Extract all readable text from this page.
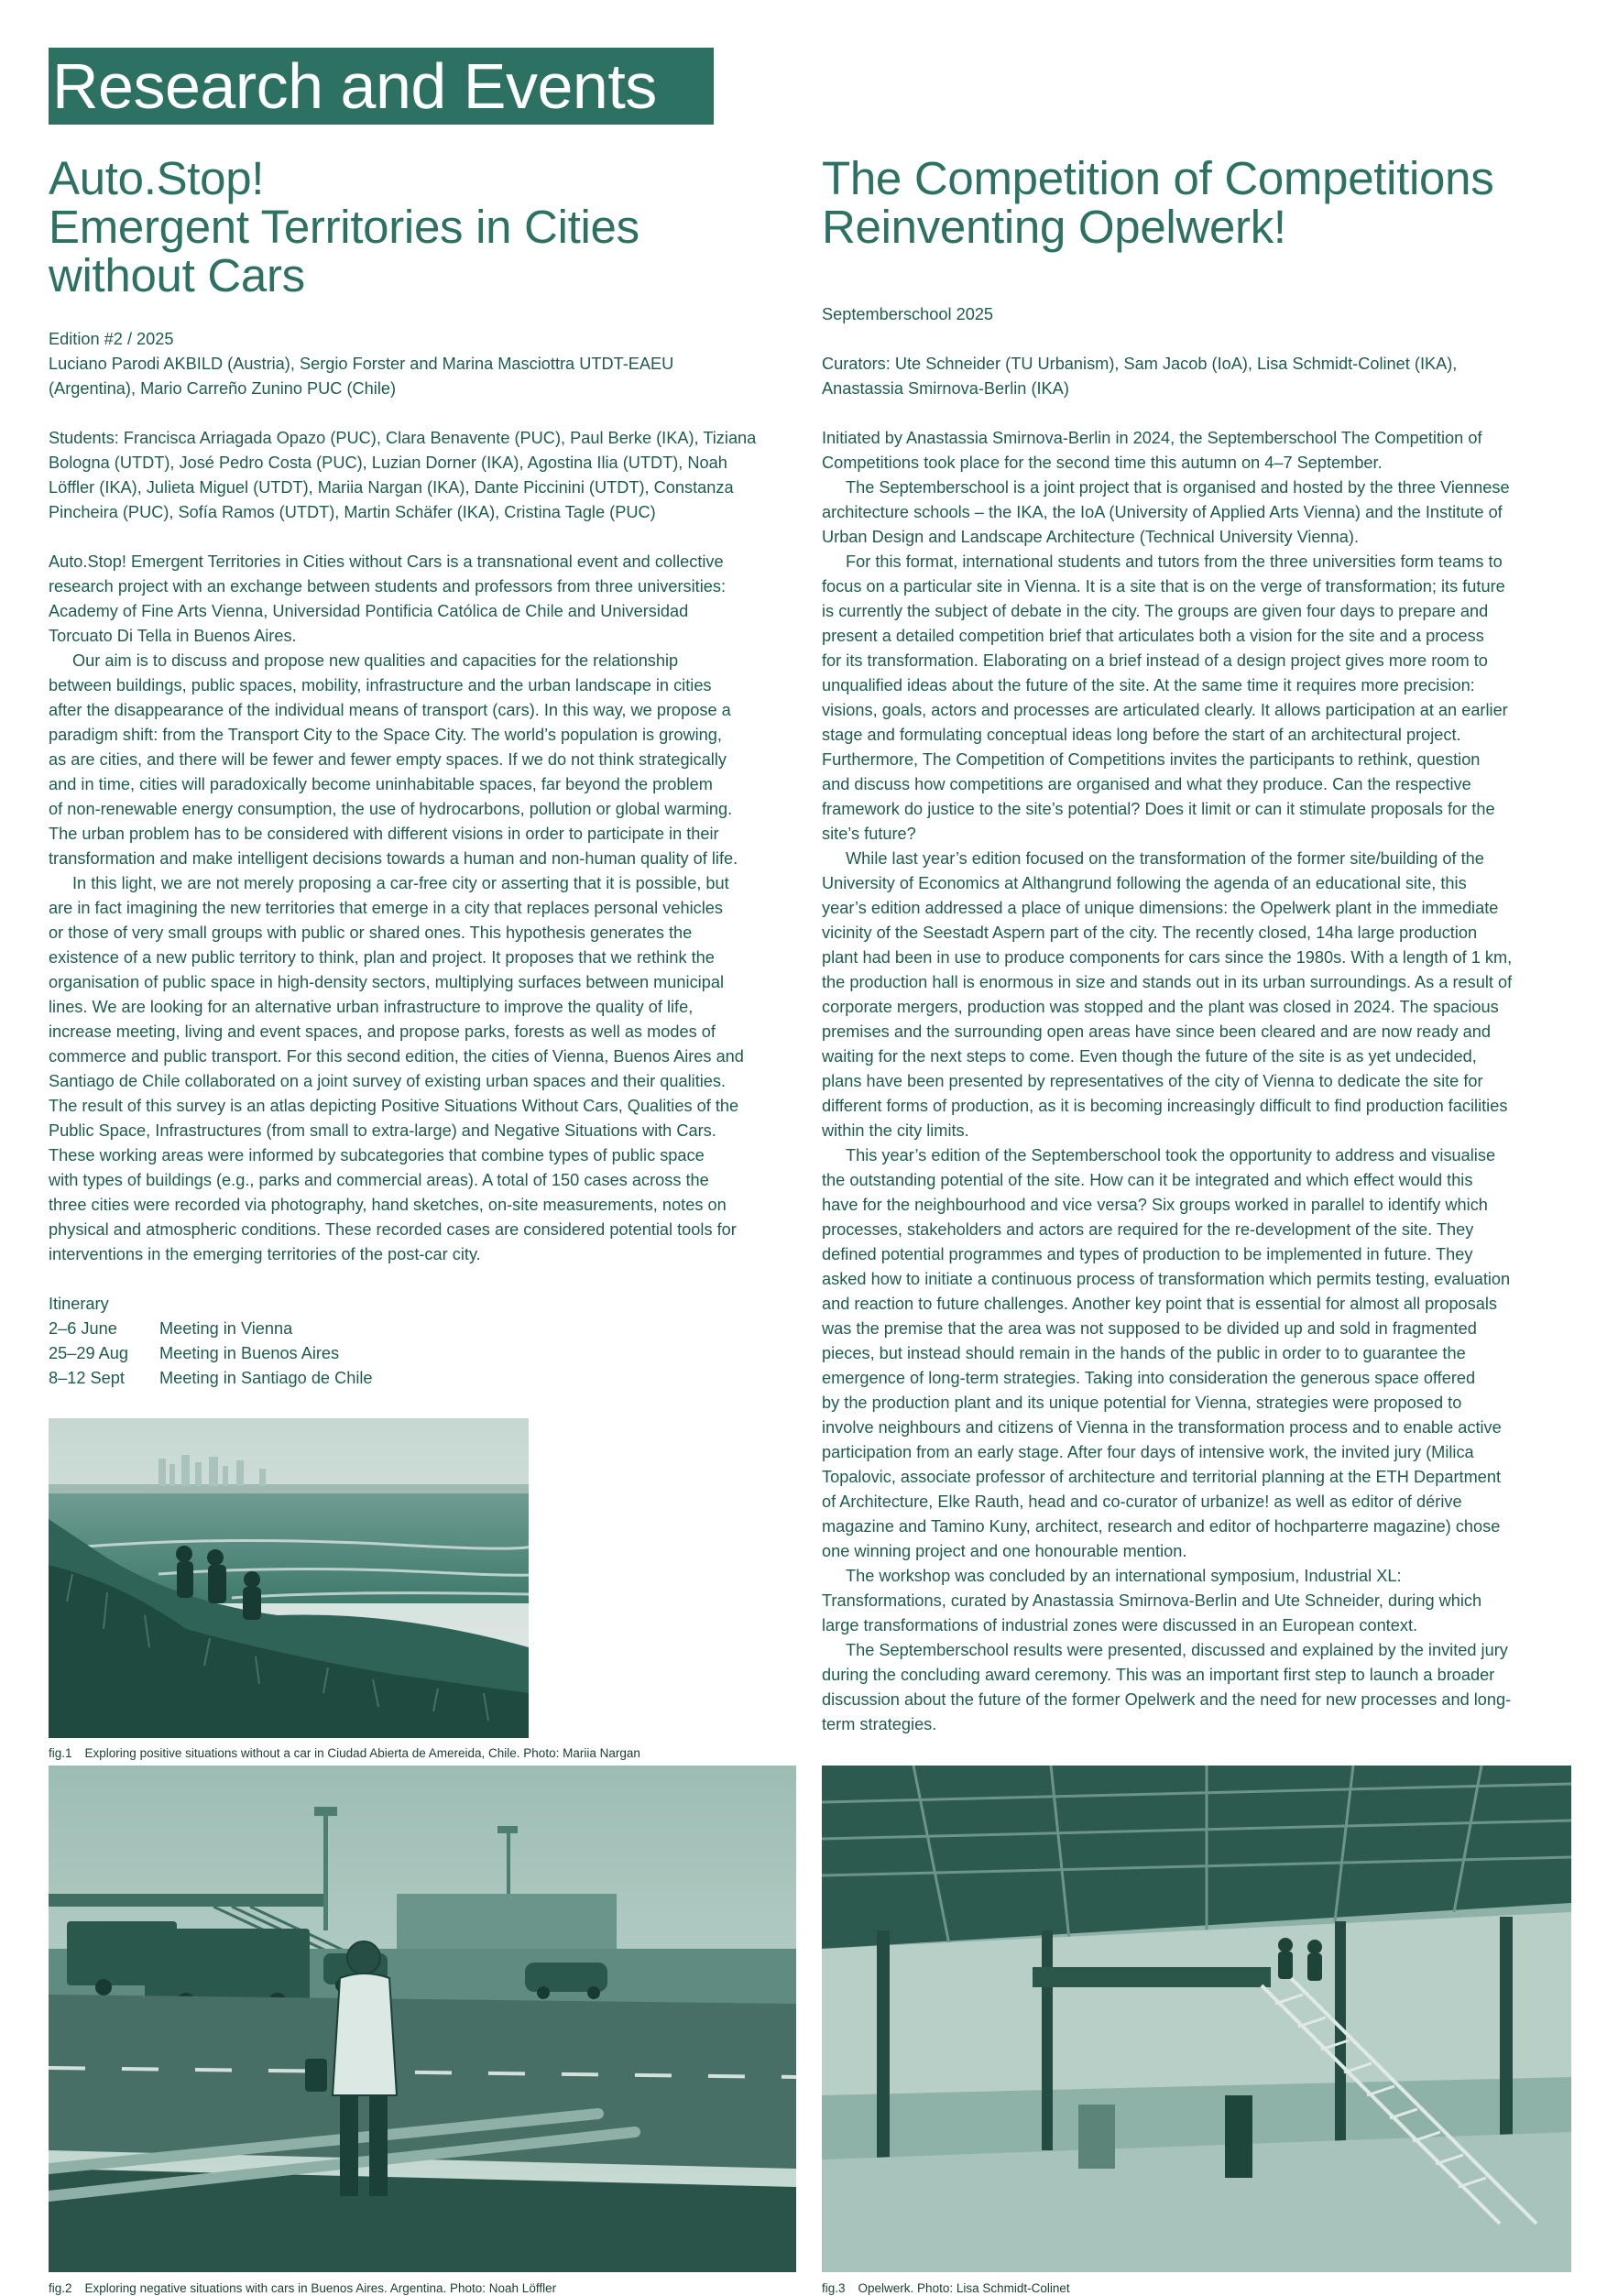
Research and Events
Auto.Stop!
Emergent Territories in Cities
without Cars

Edition #2 / 2025

Luciano Parodi AKBILD (Austria), Sergio Forster and Marina Masciottra UTDT-EAEU

(Argentina), Mario Carreño Zunino PUC (Chile)

Students: Francisca Arriagada Opazo (PUC), Clara Benavente (PUC), Paul Berke (IKA), Tiziana

Bologna (UTDT), José Pedro Costa (PUC), Luzian Dorner (IKA), Agostina Ilia (UTDT), Noah

Löffler (IKA), Julieta Miguel (UTDT), Mariia Nargan (IKA), Dante Piccinini (UTDT), Constanza

Pincheira (PUC), Sofía Ramos (UTDT), Martin Schäfer (IKA), Cristina Tagle (PUC)

Auto.Stop! Emergent Territories in Cities without Cars is a transnational event and collective
research project with an exchange between students and professors from three universities:
Academy of Fine Arts Vienna, Universidad Pontificia Católica de Chile and Universidad
Torcuato Di Tella in Buenos Aires.

Our aim is to discuss and propose new qualities and capacities for the relationship
between buildings, public spaces, mobility, infrastructure and the urban landscape in cities
after the disappearance of the individual means of transport (cars). In this way, we propose a
paradigm shift: from the Transport City to the Space City. The world’s population is growing,
as are cities, and there will be fewer and fewer empty spaces. If we do not think strategically
and in time, cities will paradoxically become uninhabitable spaces, far beyond the problem
of non-renewable energy consumption, the use of hydrocarbons, pollution or global warming.
The urban problem has to be considered with different visions in order to participate in their
transformation and make intelligent decisions towards a human and non-human quality of life.

In this light, we are not merely proposing a car-free city or asserting that it is possible, but
are in fact imagining the new territories that emerge in a city that replaces personal vehicles
or those of very small groups with public or shared ones. This hypothesis generates the
existence of a new public territory to think, plan and project. It proposes that we rethink the
organisation of public space in high-density sectors, multiplying surfaces between municipal
lines. We are looking for an alternative urban infrastructure to improve the quality of life,
increase meeting, living and event spaces, and propose parks, forests as well as modes of
commerce and public transport. For this second edition, the cities of Vienna, Buenos Aires and
Santiago de Chile collaborated on a joint survey of existing urban spaces and their qualities.
The result of this survey is an atlas depicting Positive Situations Without Cars, Qualities of the
Public Space, Infrastructures (from small to extra-large) and Negative Situations with Cars.
These working areas were informed by subcategories that combine types of public space
with types of buildings (e.g., parks and commercial areas). A total of 150 cases across the
three cities were recorded via photography, hand sketches, on-site measurements, notes on
physical and atmospheric conditions. These recorded cases are considered potential tools for
interventions in the emerging territories of the post-car city.

Itinerary

2–6 June	Meeting in Vienna
25–29 Aug	Meeting in Buenos Aires
8–12 Sept	Meeting in Santiago de Chile
The Competition of Competitions
Reinventing Opelwerk!

Septemberschool 2025

Curators: Ute Schneider (TU Urbanism), Sam Jacob (IoA), Lisa Schmidt-Colinet (IKA),

Anastassia Smirnova-Berlin (IKA)

Initiated by Anastassia Smirnova-Berlin in 2024, the Septemberschool The Competition of
Competitions took place for the second time this autumn on 4–7 September.

The Septemberschool is a joint project that is organised and hosted by the three Viennese
architecture schools – the IKA, the IoA (University of Applied Arts Vienna) and the Institute of
Urban Design and Landscape Architecture (Technical University Vienna).

For this format, international students and tutors from the three universities form teams to
focus on a particular site in Vienna. It is a site that is on the verge of transformation; its future
is currently the subject of debate in the city. The groups are given four days to prepare and
present a detailed competition brief that articulates both a vision for the site and a process
for its transformation. Elaborating on a brief instead of a design project gives more room to
unqualified ideas about the future of the site. At the same time it requires more precision:
visions, goals, actors and processes are articulated clearly. It allows participation at an earlier
stage and formulating conceptual ideas long before the start of an architectural project.
Furthermore, The Competition of Competitions invites the participants to rethink, question
and discuss how competitions are organised and what they produce. Can the respective
framework do justice to the site’s potential? Does it limit or can it stimulate proposals for the
site’s future?

While last year’s edition focused on the transformation of the former site/building of the
University of Economics at Althangrund following the agenda of an educational site, this
year’s edition addressed a place of unique dimensions: the Opelwerk plant in the immediate
vicinity of the Seestadt Aspern part of the city. The recently closed, 14ha large production
plant had been in use to produce components for cars since the 1980s. With a length of 1 km,
the production hall is enormous in size and stands out in its urban surroundings. As a result of
corporate mergers, production was stopped and the plant was closed in 2024. The spacious
premises and the surrounding open areas have since been cleared and are now ready and
waiting for the next steps to come. Even though the future of the site is as yet undecided,
plans have been presented by representatives of the city of Vienna to dedicate the site for
different forms of production, as it is becoming increasingly difficult to find production facilities
within the city limits.

This year’s edition of the Septemberschool took the opportunity to address and visualise
the outstanding potential of the site. How can it be integrated and which effect would this
have for the neighbourhood and vice versa? Six groups worked in parallel to identify which
processes, stakeholders and actors are required for the re-development of the site. They
defined potential programmes and types of production to be implemented in future. They
asked how to initiate a continuous process of transformation which permits testing, evaluation
and reaction to future challenges. Another key point that is essential for almost all proposals
was the premise that the area was not supposed to be divided up and sold in fragmented
pieces, but instead should remain in the hands of the public in order to to guarantee the
emergence of long-term strategies. Taking into consideration the generous space offered
by the production plant and its unique potential for Vienna, strategies were proposed to
involve neighbours and citizens of Vienna in the transformation process and to enable active
participation from an early stage. After four days of intensive work, the invited jury (Milica
Topalovic, associate professor of architecture and territorial planning at the ETH Department
of Architecture, Elke Rauth, head and co-curator of urbanize! as well as editor of dérive
magazine and Tamino Kuny, architect, research and editor of hochparterre magazine) chose
one winning project and one honourable mention.

The workshop was concluded by an international symposium, Industrial XL:
Transformations, curated by Anastassia Smirnova-Berlin and Ute Schneider, during which
large transformations of industrial zones were discussed in an European context.

The Septemberschool results were presented, discussed and explained by the invited jury
during the concluding award ceremony. This was an important first step to launch a broader
discussion about the future of the former Opelwerk and the need for new processes and long-
term strategies.

fig.1 Exploring positive situations without a car in Ciudad Abierta de Amereida, Chile. Photo: Mariia Nargan
fig.2 Exploring negative situations with cars in Buenos Aires. Argentina. Photo: Noah Löffler	fig.3 Opelwerk. Photo: Lisa Schmidt-Colinet
